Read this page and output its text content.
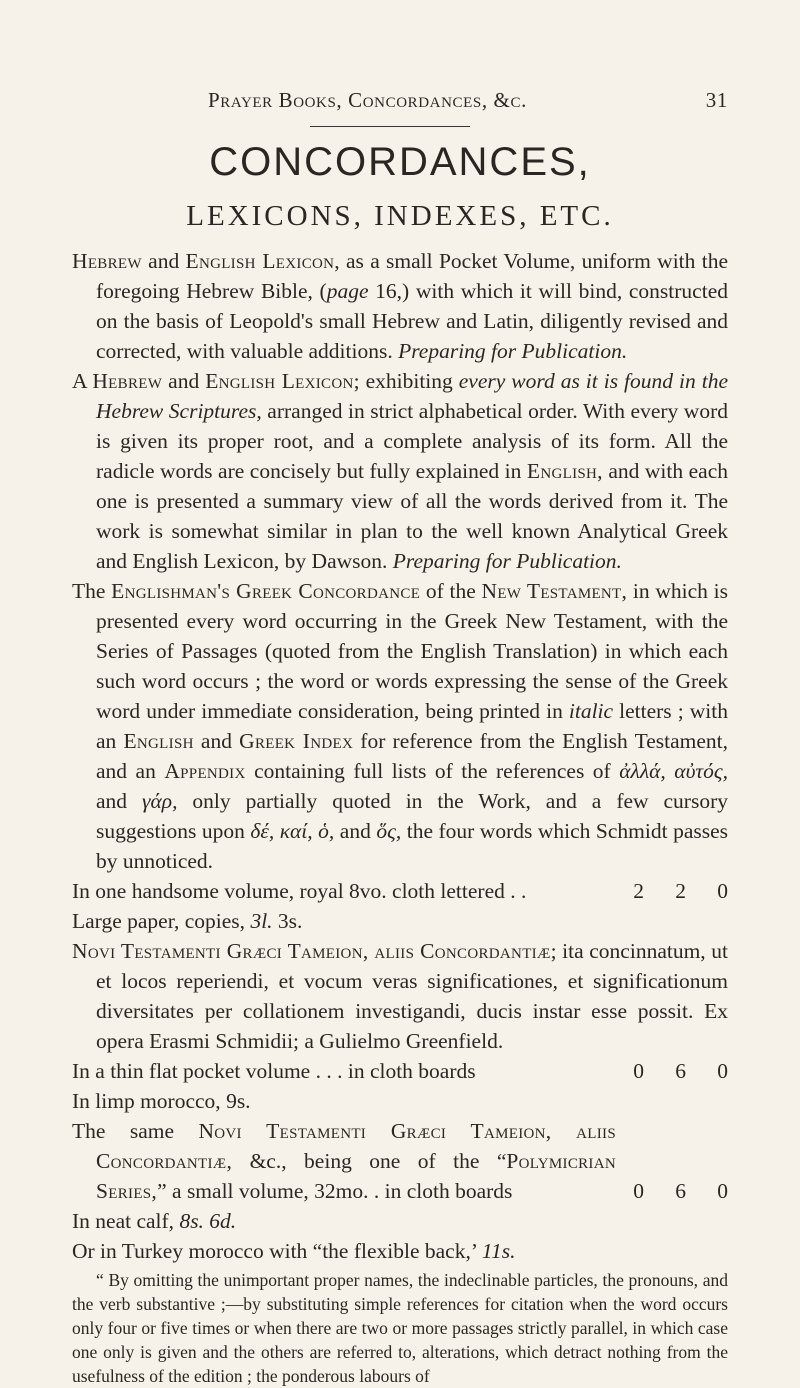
Prayer Books, Concordances, &c.	31
CONCORDANCES,
LEXICONS, INDEXES, ETC.

Hebrew and English Lexicon, as a small Pocket Volume, uniform with the foregoing Hebrew Bible, (page 16,) with which it will bind, constructed on the basis of Leopold's small Hebrew and Latin, diligently revised and corrected, with valuable additions. Preparing for Publication.

A Hebrew and English Lexicon; exhibiting every word as it is found in the Hebrew Scriptures, arranged in strict alphabetical order. With every word is given its proper root, and a complete analysis of its form. All the radicle words are concisely but fully explained in English, and with each one is presented a summary view of all the words derived from it. The work is somewhat similar in plan to the well known Analytical Greek and English Lexicon, by Dawson. Preparing for Publication.

The Englishman's Greek Concordance of the New Testament, in which is presented every word occurring in the Greek New Testament, with the Series of Passages (quoted from the English Translation) in which each such word occurs ; the word or words expressing the sense of the Greek word under immediate consideration, being printed in italic letters ; with an English and Greek Index for reference from the English Testament, and an Appendix containing full lists of the references of ἀλλά, αὐτός, and γάρ, only partially quoted in the Work, and a few cursory suggestions upon δέ, καί, ὁ, and ὅς, the four words which Schmidt passes by unnoticed.

In one handsome volume, royal 8vo. cloth lettered . .	2	2	0
Large paper, copies, 3l. 3s.

Novi Testamenti Græci Tameion, aliis Concordantiæ; ita concinnatum, ut et locos reperiendi, et vocum veras significationes, et significationum diversitates per collationem investigandi, ducis instar esse possit. Ex opera Erasmi Schmidii; a Gulielmo Greenfield.

In a thin flat pocket volume . . . in cloth boards	0	6	0
In limp morocco, 9s.

The same Novi Testamenti Græci Tameion, aliis Concordantiæ, &c., being one of the “Polymicrian Series,” a small volume, 32mo. . in cloth boards	0	6	0

In neat calf, 8s. 6d.
Or in Turkey morocco with “the flexible back,’ 11s.

“ By omitting the unimportant proper names, the indeclinable particles, the pronouns, and the verb substantive ;—by substituting simple references for citation when the word occurs only four or five times or when there are two or more passages strictly parallel, in which case one only is given and the others are referred to, alterations, which detract nothing from the usefulness of the edition ; the ponderous labours of
